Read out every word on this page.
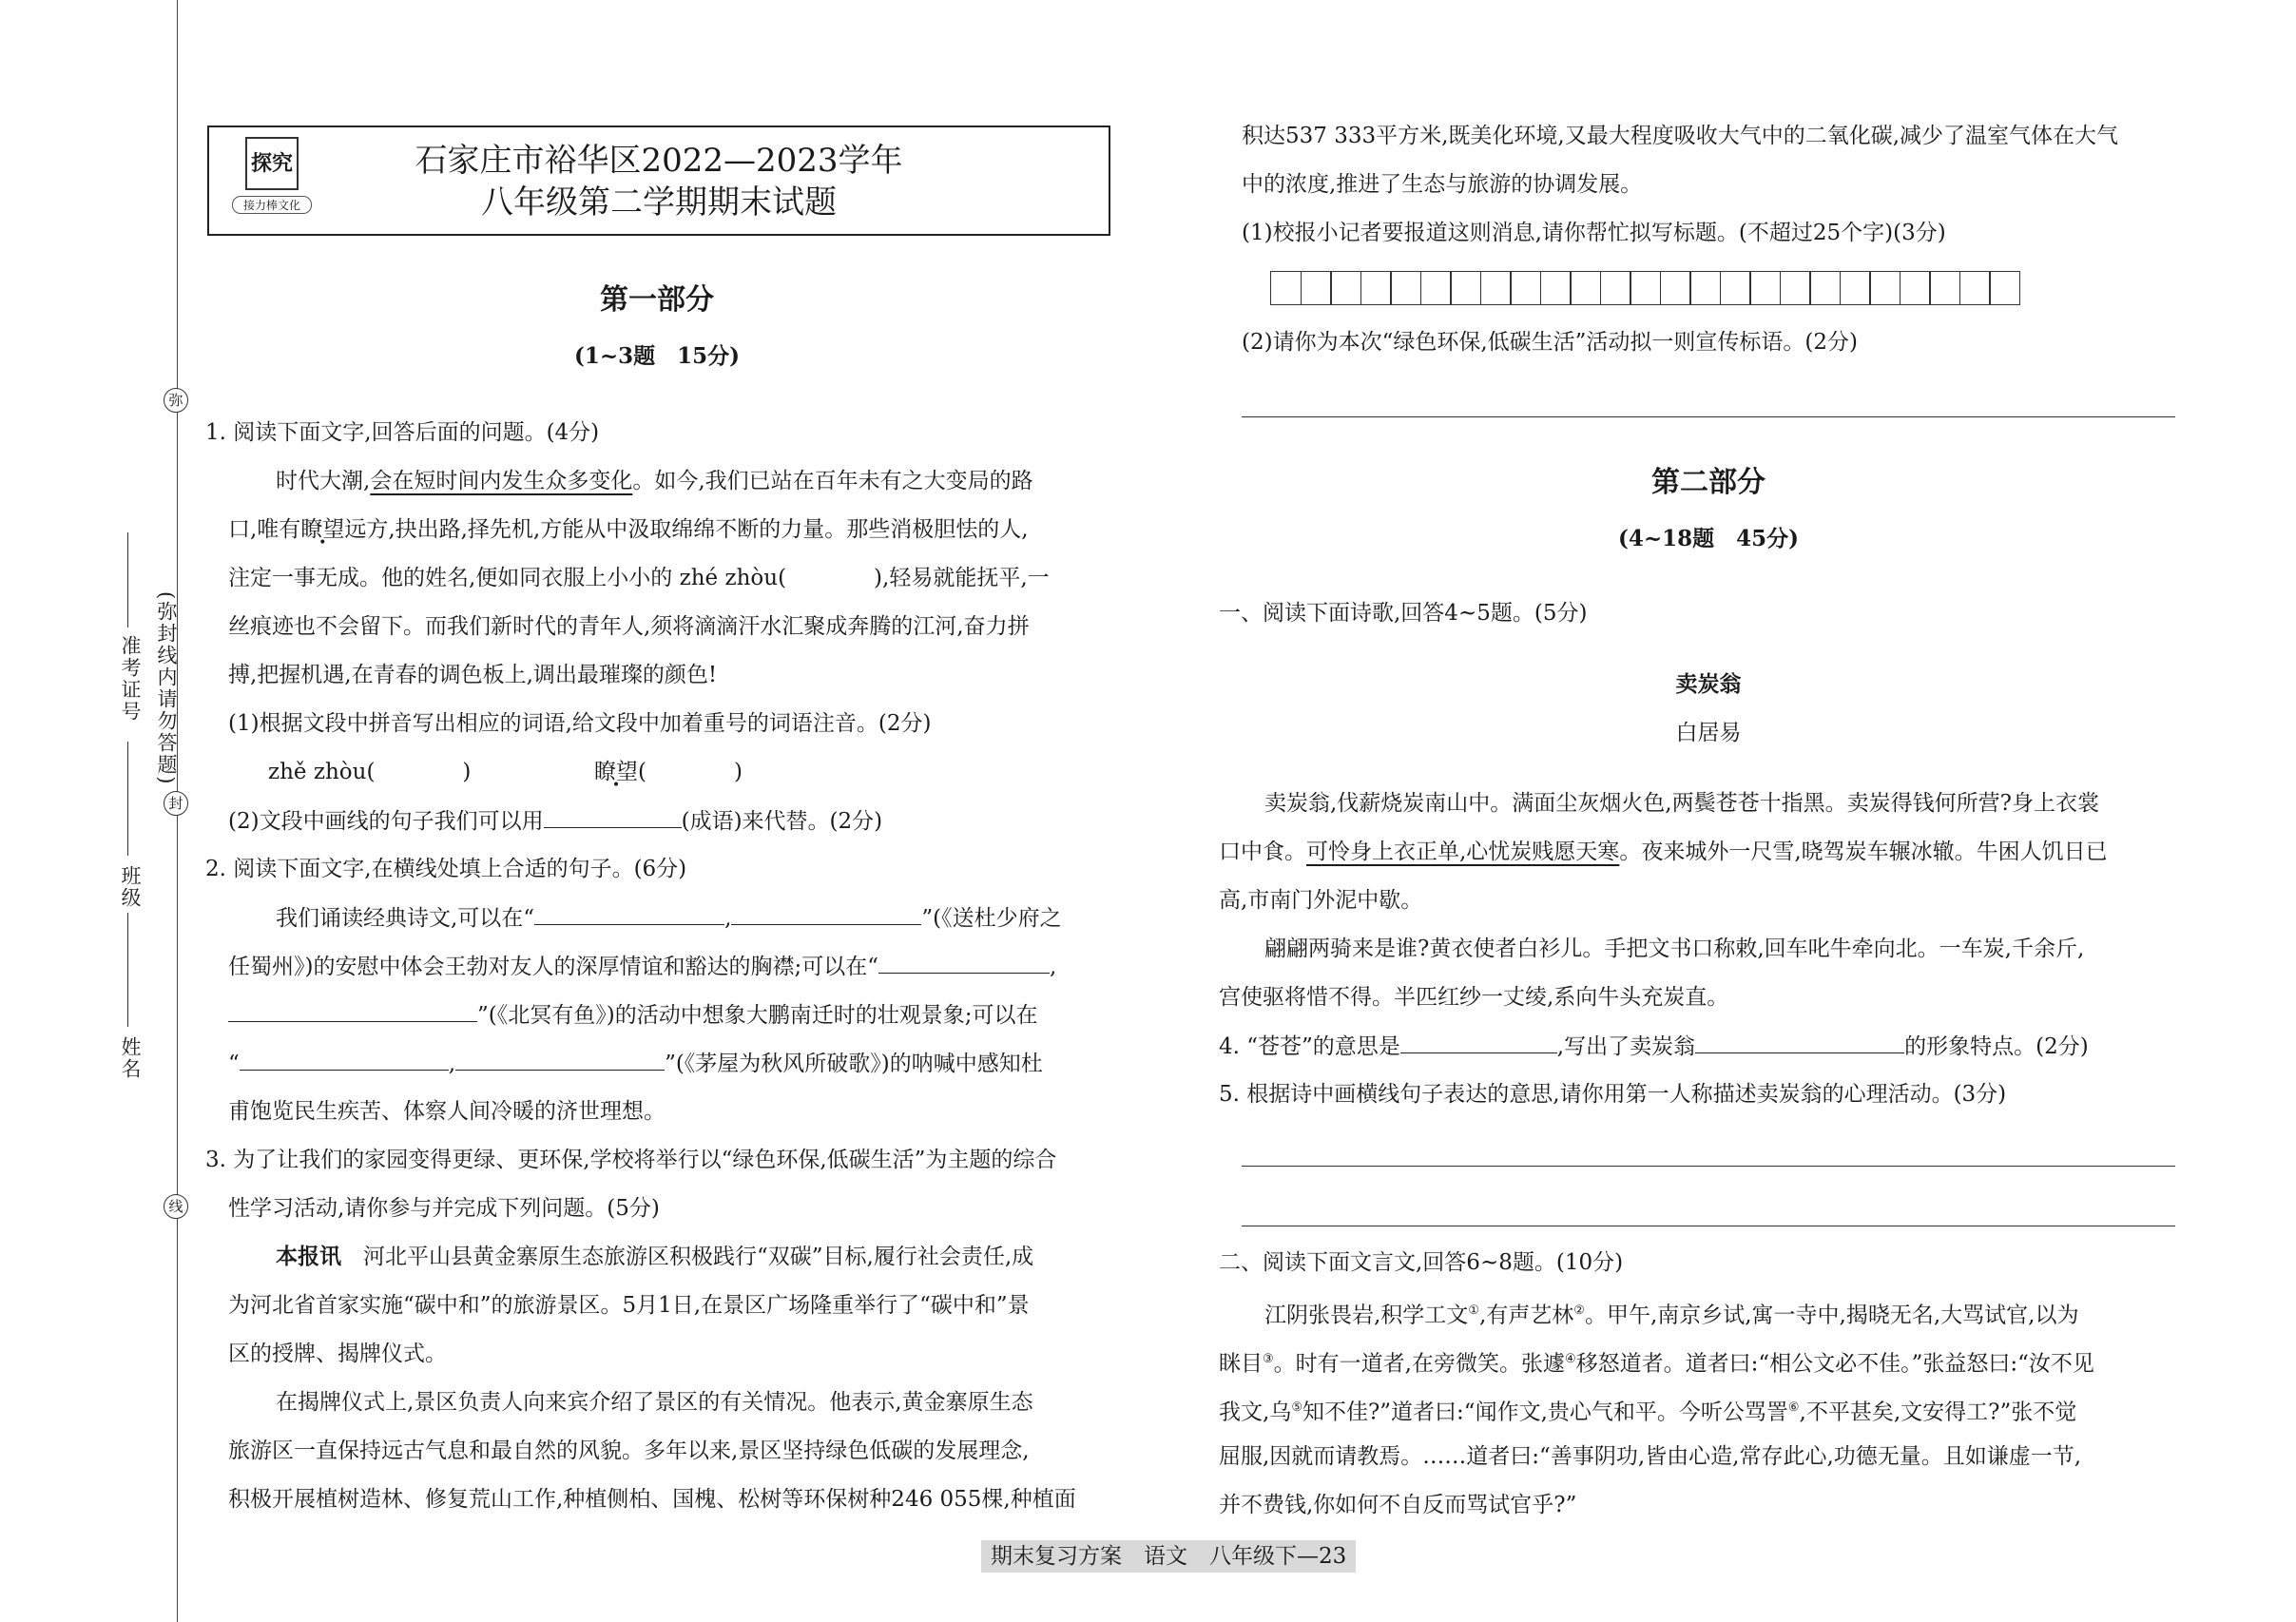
弥
封
线
(弥封线内请勿答题)
准考证号
班级
姓名
探究
接力棒文化
石家庄市裕华区2022—2023学年
八年级第二学期期末试题
第一部分
(1~3题　15分)
1. 阅读下面文字,回答后面的问题。(4分)
时代大潮,会在短时间内发生众多变化。如今,我们已站在百年未有之大变局的路
口,唯有瞭望远方,抉出路,择先机,方能从中汲取绵绵不断的力量。那些消极胆怯的人,
注定一事无成。他的姓名,便如同衣服上小小的 zhé zhòu(　　　　),轻易就能抚平,一
丝痕迹也不会留下。而我们新时代的青年人,须将滴滴汗水汇聚成奔腾的江河,奋力拼
搏,把握机遇,在青春的调色板上,调出最璀璨的颜色!
(1)根据文段中拼音写出相应的词语,给文段中加着重号的词语注音。(2分)
zhě zhòu(　　　　)	瞭望(　　　　)
(2)文段中画线的句子我们可以用	(成语)来代替。(2分)
2. 阅读下面文字,在横线处填上合适的句子。(6分)
我们诵读经典诗文,可以在“	,	”(《送杜少府之
任蜀州》)的安慰中体会王勃对友人的深厚情谊和豁达的胸襟;可以在“	,
”(《北冥有鱼》)的活动中想象大鹏南迁时的壮观景象;可以在
“	,	”(《茅屋为秋风所破歌》)的呐喊中感知杜
甫饱览民生疾苦、体察人间冷暖的济世理想。
3. 为了让我们的家园变得更绿、更环保,学校将举行以“绿色环保,低碳生活”为主题的综合
性学习活动,请你参与并完成下列问题。(5分)
本报讯　河北平山县黄金寨原生态旅游区积极践行“双碳”目标,履行社会责任,成
为河北省首家实施“碳中和”的旅游景区。5月1日,在景区广场隆重举行了“碳中和”景
区的授牌、揭牌仪式。
在揭牌仪式上,景区负责人向来宾介绍了景区的有关情况。他表示,黄金寨原生态
旅游区一直保持远古气息和最自然的风貌。多年以来,景区坚持绿色低碳的发展理念,
积极开展植树造林、修复荒山工作,种植侧柏、国槐、松树等环保树种246 055棵,种植面
积达537 333平方米,既美化环境,又最大程度吸收大气中的二氧化碳,减少了温室气体在大气
中的浓度,推进了生态与旅游的协调发展。
(1)校报小记者要报道这则消息,请你帮忙拟写标题。(不超过25个字)(3分)
(2)请你为本次“绿色环保,低碳生活”活动拟一则宣传标语。(2分)
第二部分
(4~18题　45分)
一、阅读下面诗歌,回答4~5题。(5分)
卖炭翁
白居易
卖炭翁,伐薪烧炭南山中。满面尘灰烟火色,两鬓苍苍十指黑。卖炭得钱何所营?身上衣裳
口中食。可怜身上衣正单,心忧炭贱愿天寒。夜来城外一尺雪,晓驾炭车辗冰辙。牛困人饥日已
高,市南门外泥中歇。
翩翩两骑来是谁?黄衣使者白衫儿。手把文书口称敕,回车叱牛牵向北。一车炭,千余斤,
宫使驱将惜不得。半匹红纱一丈绫,系向牛头充炭直。
4. “苍苍”的意思是	,写出了卖炭翁	的形象特点。(2分)
5. 根据诗中画横线句子表达的意思,请你用第一人称描述卖炭翁的心理活动。(3分)
二、阅读下面文言文,回答6~8题。(10分)
江阴张畏岩,积学工文①,有声艺林②。甲午,南京乡试,寓一寺中,揭晓无名,大骂试官,以为
眯目③。时有一道者,在旁微笑。张遽④移怒道者。道者曰:“相公文必不佳。”张益怒曰:“汝不见
我文,乌⑤知不佳?”道者曰:“闻作文,贵心气和平。今听公骂詈⑥,不平甚矣,文安得工?”张不觉
屈服,因就而请教焉。……道者曰:“善事阴功,皆由心造,常存此心,功德无量。且如谦虚一节,
并不费钱,你如何不自反而骂试官乎?”
期末复习方案　语文　八年级下—23
